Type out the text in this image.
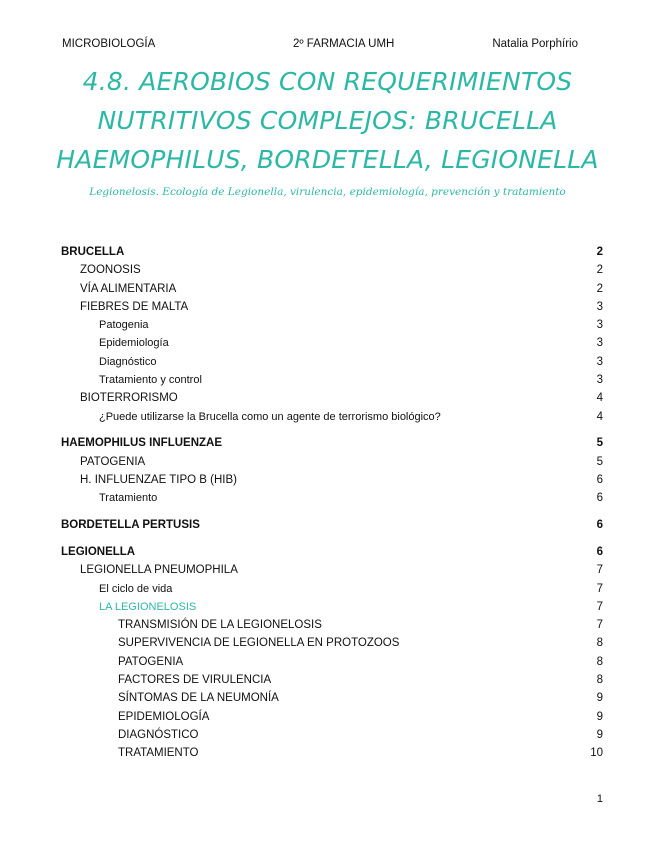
MICROBIOLOGÍA	2º FARMACIA UMH	Natalia Porphírio
4.8. AEROBIOS CON REQUERIMIENTOS
NUTRITIVOS COMPLEJOS: BRUCELLA
HAEMOPHILUS, BORDETELLA, LEGIONELLA
Legionelosis. Ecología de Legionella, virulencia, epidemiología, prevención y tratamiento
BRUCELLA	2
ZOONOSIS	2
VÍA ALIMENTARIA	2
FIEBRES DE MALTA	3
Patogenia	3
Epidemiología	3
Diagnóstico	3
Tratamiento y control	3
BIOTERRORISMO	4
¿Puede utilizarse la Brucella como un agente de terrorismo biológico?	4
HAEMOPHILUS INFLUENZAE	5
PATOGENIA	5
H. INFLUENZAE TIPO B (HIB)	6
Tratamiento	6
BORDETELLA PERTUSIS	6
LEGIONELLA	6
LEGIONELLA PNEUMOPHILA	7
El ciclo de vida	7
LA LEGIONELOSIS	7
TRANSMISIÓN DE LA LEGIONELOSIS	7
SUPERVIVENCIA DE LEGIONELLA EN PROTOZOOS	8
PATOGENIA	8
FACTORES DE VIRULENCIA	8
SÍNTOMAS DE LA NEUMONÍA	9
EPIDEMIOLOGÍA	9
DIAGNÓSTICO	9
TRATAMIENTO	10
1
